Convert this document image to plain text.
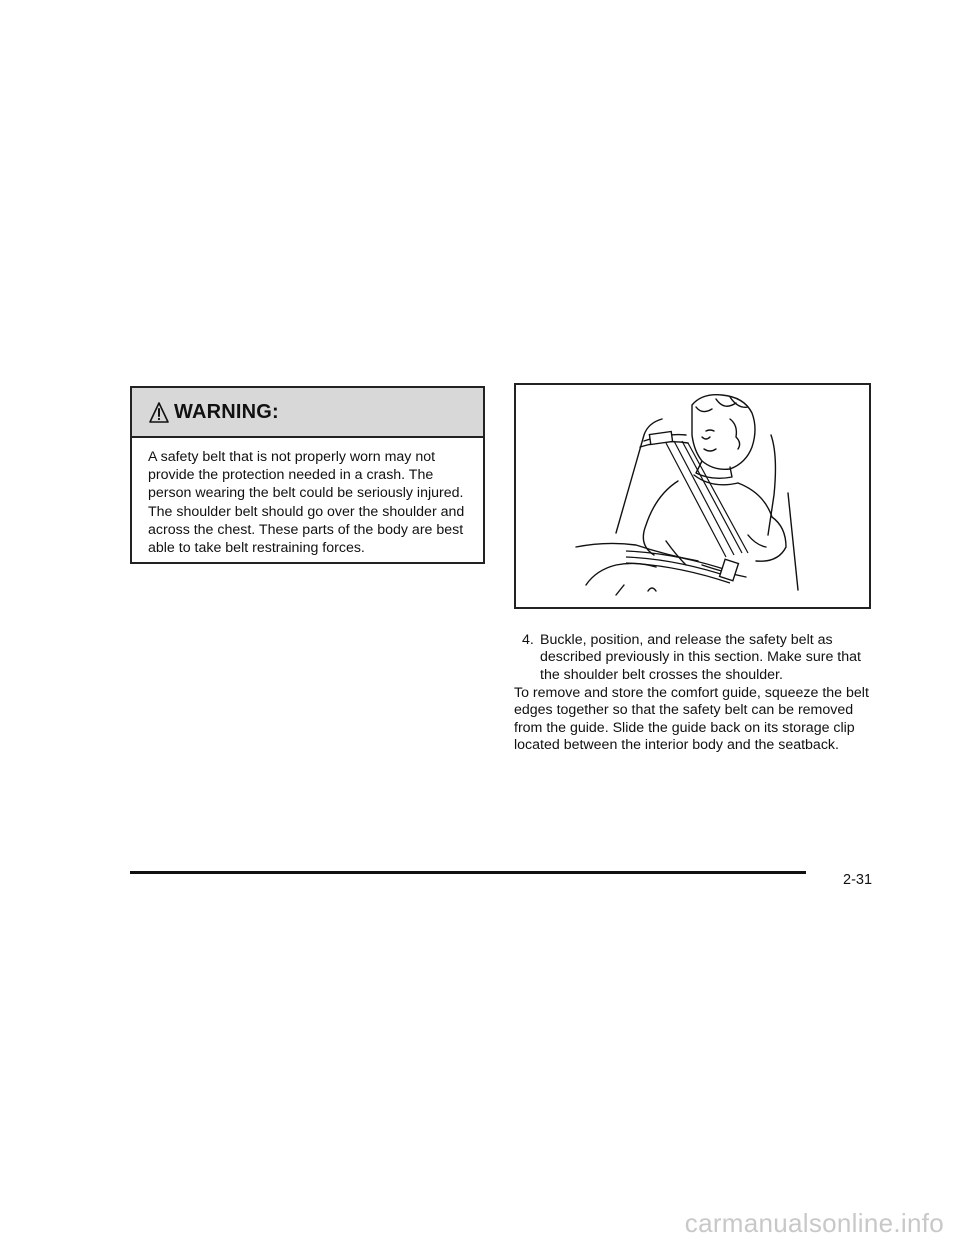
WARNING:
A safety belt that is not properly worn may not provide the protection needed in a crash. The person wearing the belt could be seriously injured. The shoulder belt should go over the shoulder and across the chest. These parts of the body are best able to take belt restraining forces.
4. Buckle, position, and release the safety belt as described previously in this section. Make sure that the shoulder belt crosses the shoulder.
To remove and store the comfort guide, squeeze the belt edges together so that the safety belt can be removed from the guide. Slide the guide back on its storage clip located between the interior body and the seatback.
2-31
carmanualsonline.info
